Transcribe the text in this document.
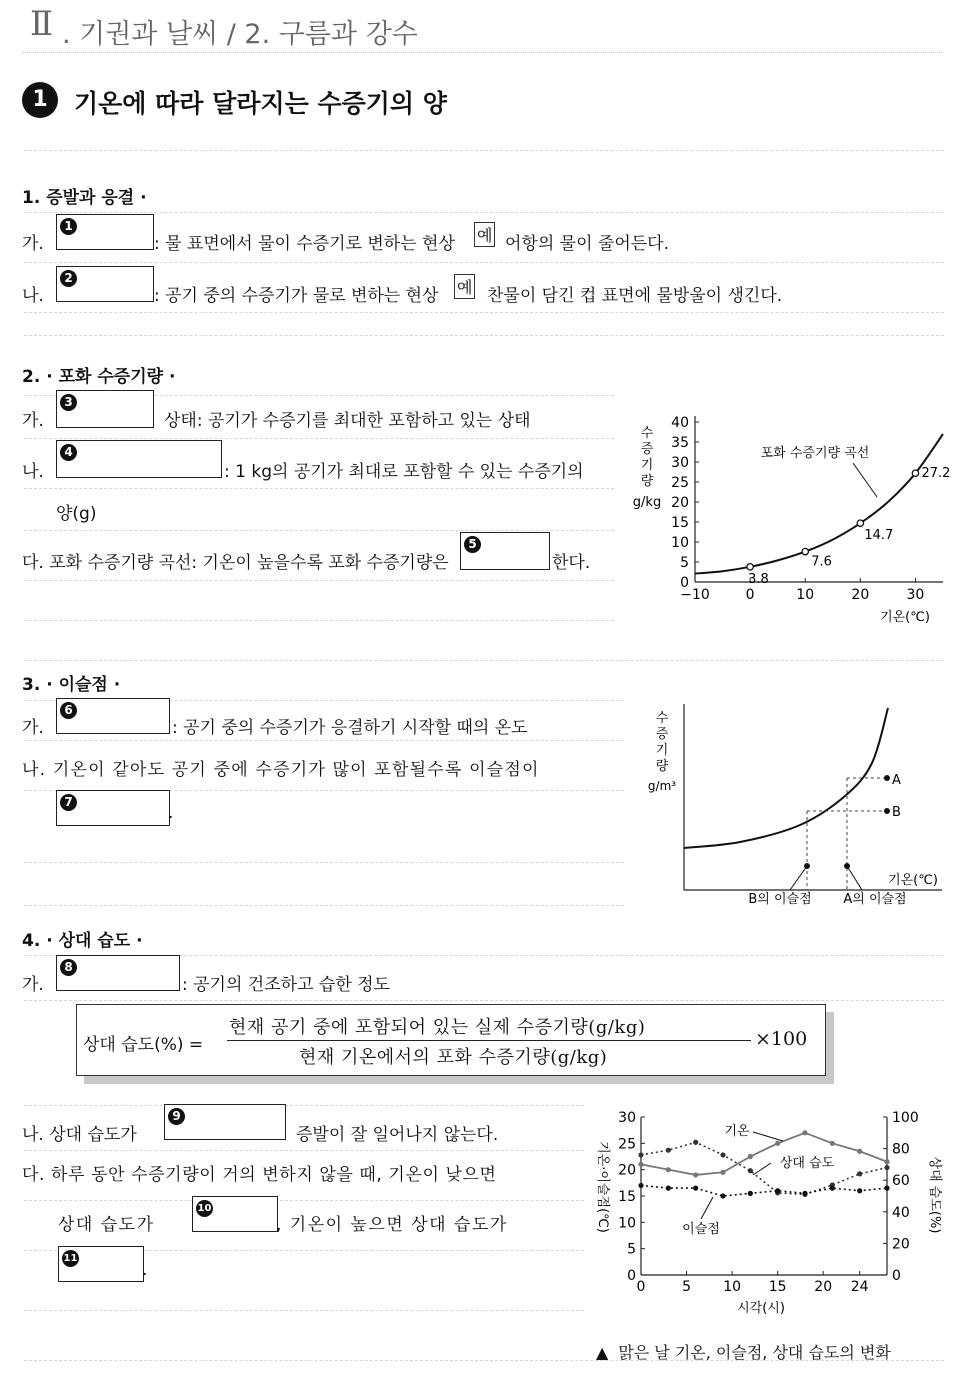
Ⅱ . 기권과 날씨 / 2. 구름과 강수
1	기온에 따라 달라지는 수증기의 양
1. 증발과 응결 ·
가.
1
: 물 표면에서 물이 수증기로 변하는 현상 예 어항의 물이 줄어든다.
나.
2
: 공기 중의 수증기가 물로 변하는 현상 예 찬물이 담긴 컵 표면에 물방울이 생긴다.
2. · 포화 수증기량 ·
가.
3
상태: 공기가 수증기를 최대한 포함하고 있는 상태
나.
4
: 1 kg의 공기가 최대로 포함할 수 있는 수증기의
양(g)
다. 포화 수증기량 곡선: 기온이 높을수록 포화 수증기량은
5
한다.
수
증
기
량
g/kg
포화 수증기량 곡선
기온(℃)
0
5
10
15
20
25
30
35
40
−10	0	10	20	30
3.8
7.6
14.7
27.2
3. · 이슬점 ·
가.
6
: 공기 중의 수증기가 응결하기 시작할 때의 온도
나. 기온이 같아도 공기 중에 수증기가 많이 포함될수록 이슬점이
7
.
수
증
기
량
g/m³
기온(℃)
A
B
B의 이슬점 A의 이슬점
4. · 상대 습도 ·
가.
8
: 공기의 건조하고 습한 정도
상대 습도(%) =
현재 공기 중에 포함되어 있는 실제 수증기량(g/kg)
현재 기온에서의 포화 수증기량(g/kg)
×100
나. 상대 습도가
9
증발이 잘 일어나지 않는다.
다. 하루 동안 수증기량이 거의 변하지 않을 때, 기온이 낮으면
상대 습도가
10
, 기온이 높으면 상대 습도가
11
.
기온·이슬점(℃)	상대 습도(%)
시각(시)
기온
상대 습도
이슬점
0
5
10
15
20
25
30
0
20
40
60
80
100
0	5 10 15 20 24
▲ 맑은 날 기온, 이슬점, 상대 습도의 변화
